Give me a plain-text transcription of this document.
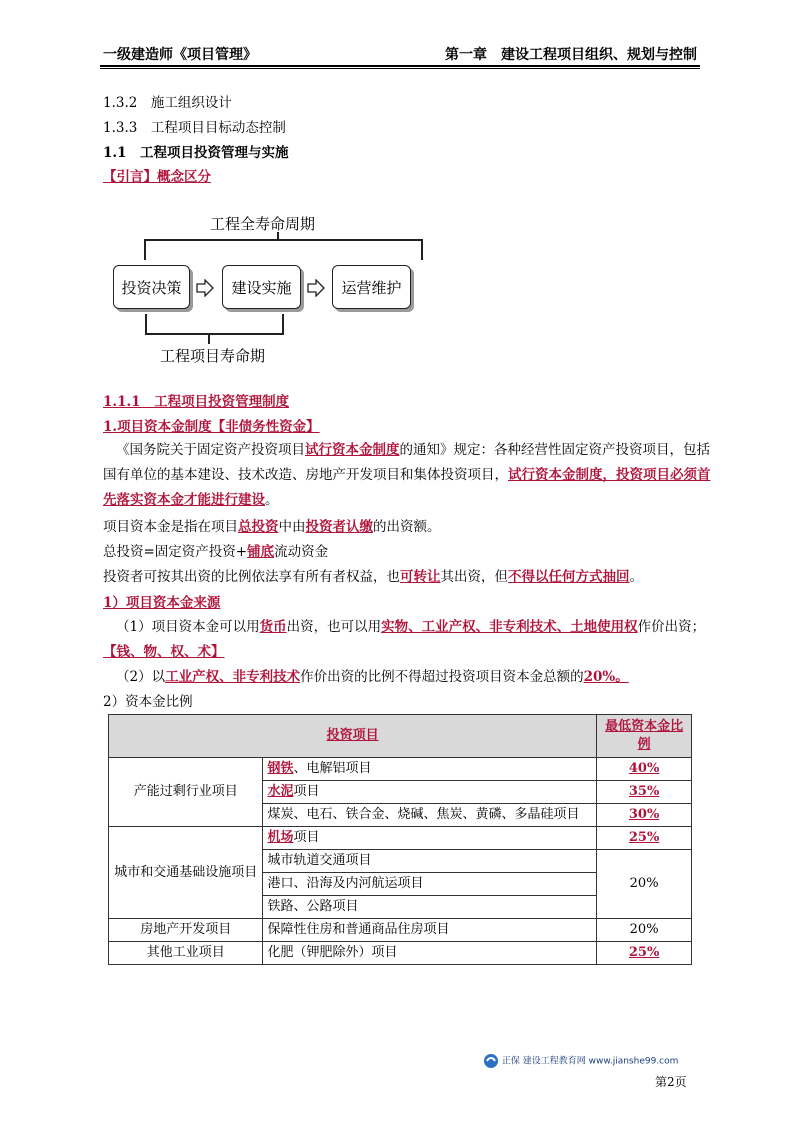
一级建造师《项目管理》	第一章　建设工程项目组织、规划与控制
1.3.2　施工组织设计
1.3.3　工程项目目标动态控制
1.1　工程项目投资管理与实施
【引言】概念区分
工程全寿命周期
投资决策	建设实施	运营维护
工程项目寿命期
1.1.1　工程项目投资管理制度
1.项目资本金制度【非债务性资金】
《国务院关于固定资产投资项目试行资本金制度的通知》规定：各种经营性固定资产投资项目，包括国有单位的基本建设、技术改造、房地产开发项目和集体投资项目，试行资本金制度，投资项目必须首先落实资本金才能进行建设。
项目资本金是指在项目总投资中由投资者认缴的出资额。
总投资=固定资产投资+铺底流动资金
投资者可按其出资的比例依法享有所有者权益，也可转让其出资，但不得以任何方式抽回。
1）项目资本金来源
（1）项目资本金可以用货币出资，也可以用实物、工业产权、非专利技术、土地使用权作价出资；【钱、物、权、术】
（2）以工业产权、非专利技术作价出资的比例不得超过投资项目资本金总额的20%。
2）资本金比例
投资项目		最低资本金比例
产能过剩行业项目	钢铁、电解铝项目	40%
	水泥项目	35%
	煤炭、电石、铁合金、烧碱、焦炭、黄磷、多晶硅项目	30%
城市和交通基础设施项目	机场项目	25%
	城市轨道交通项目	20%
	港口、沿海及内河航运项目	
	铁路、公路项目	
房地产开发项目	保障性住房和普通商品住房项目	20%
其他工业项目	化肥（钾肥除外）项目	25%
正保 建设工程教育网 www.jianshe99.com
第2页
